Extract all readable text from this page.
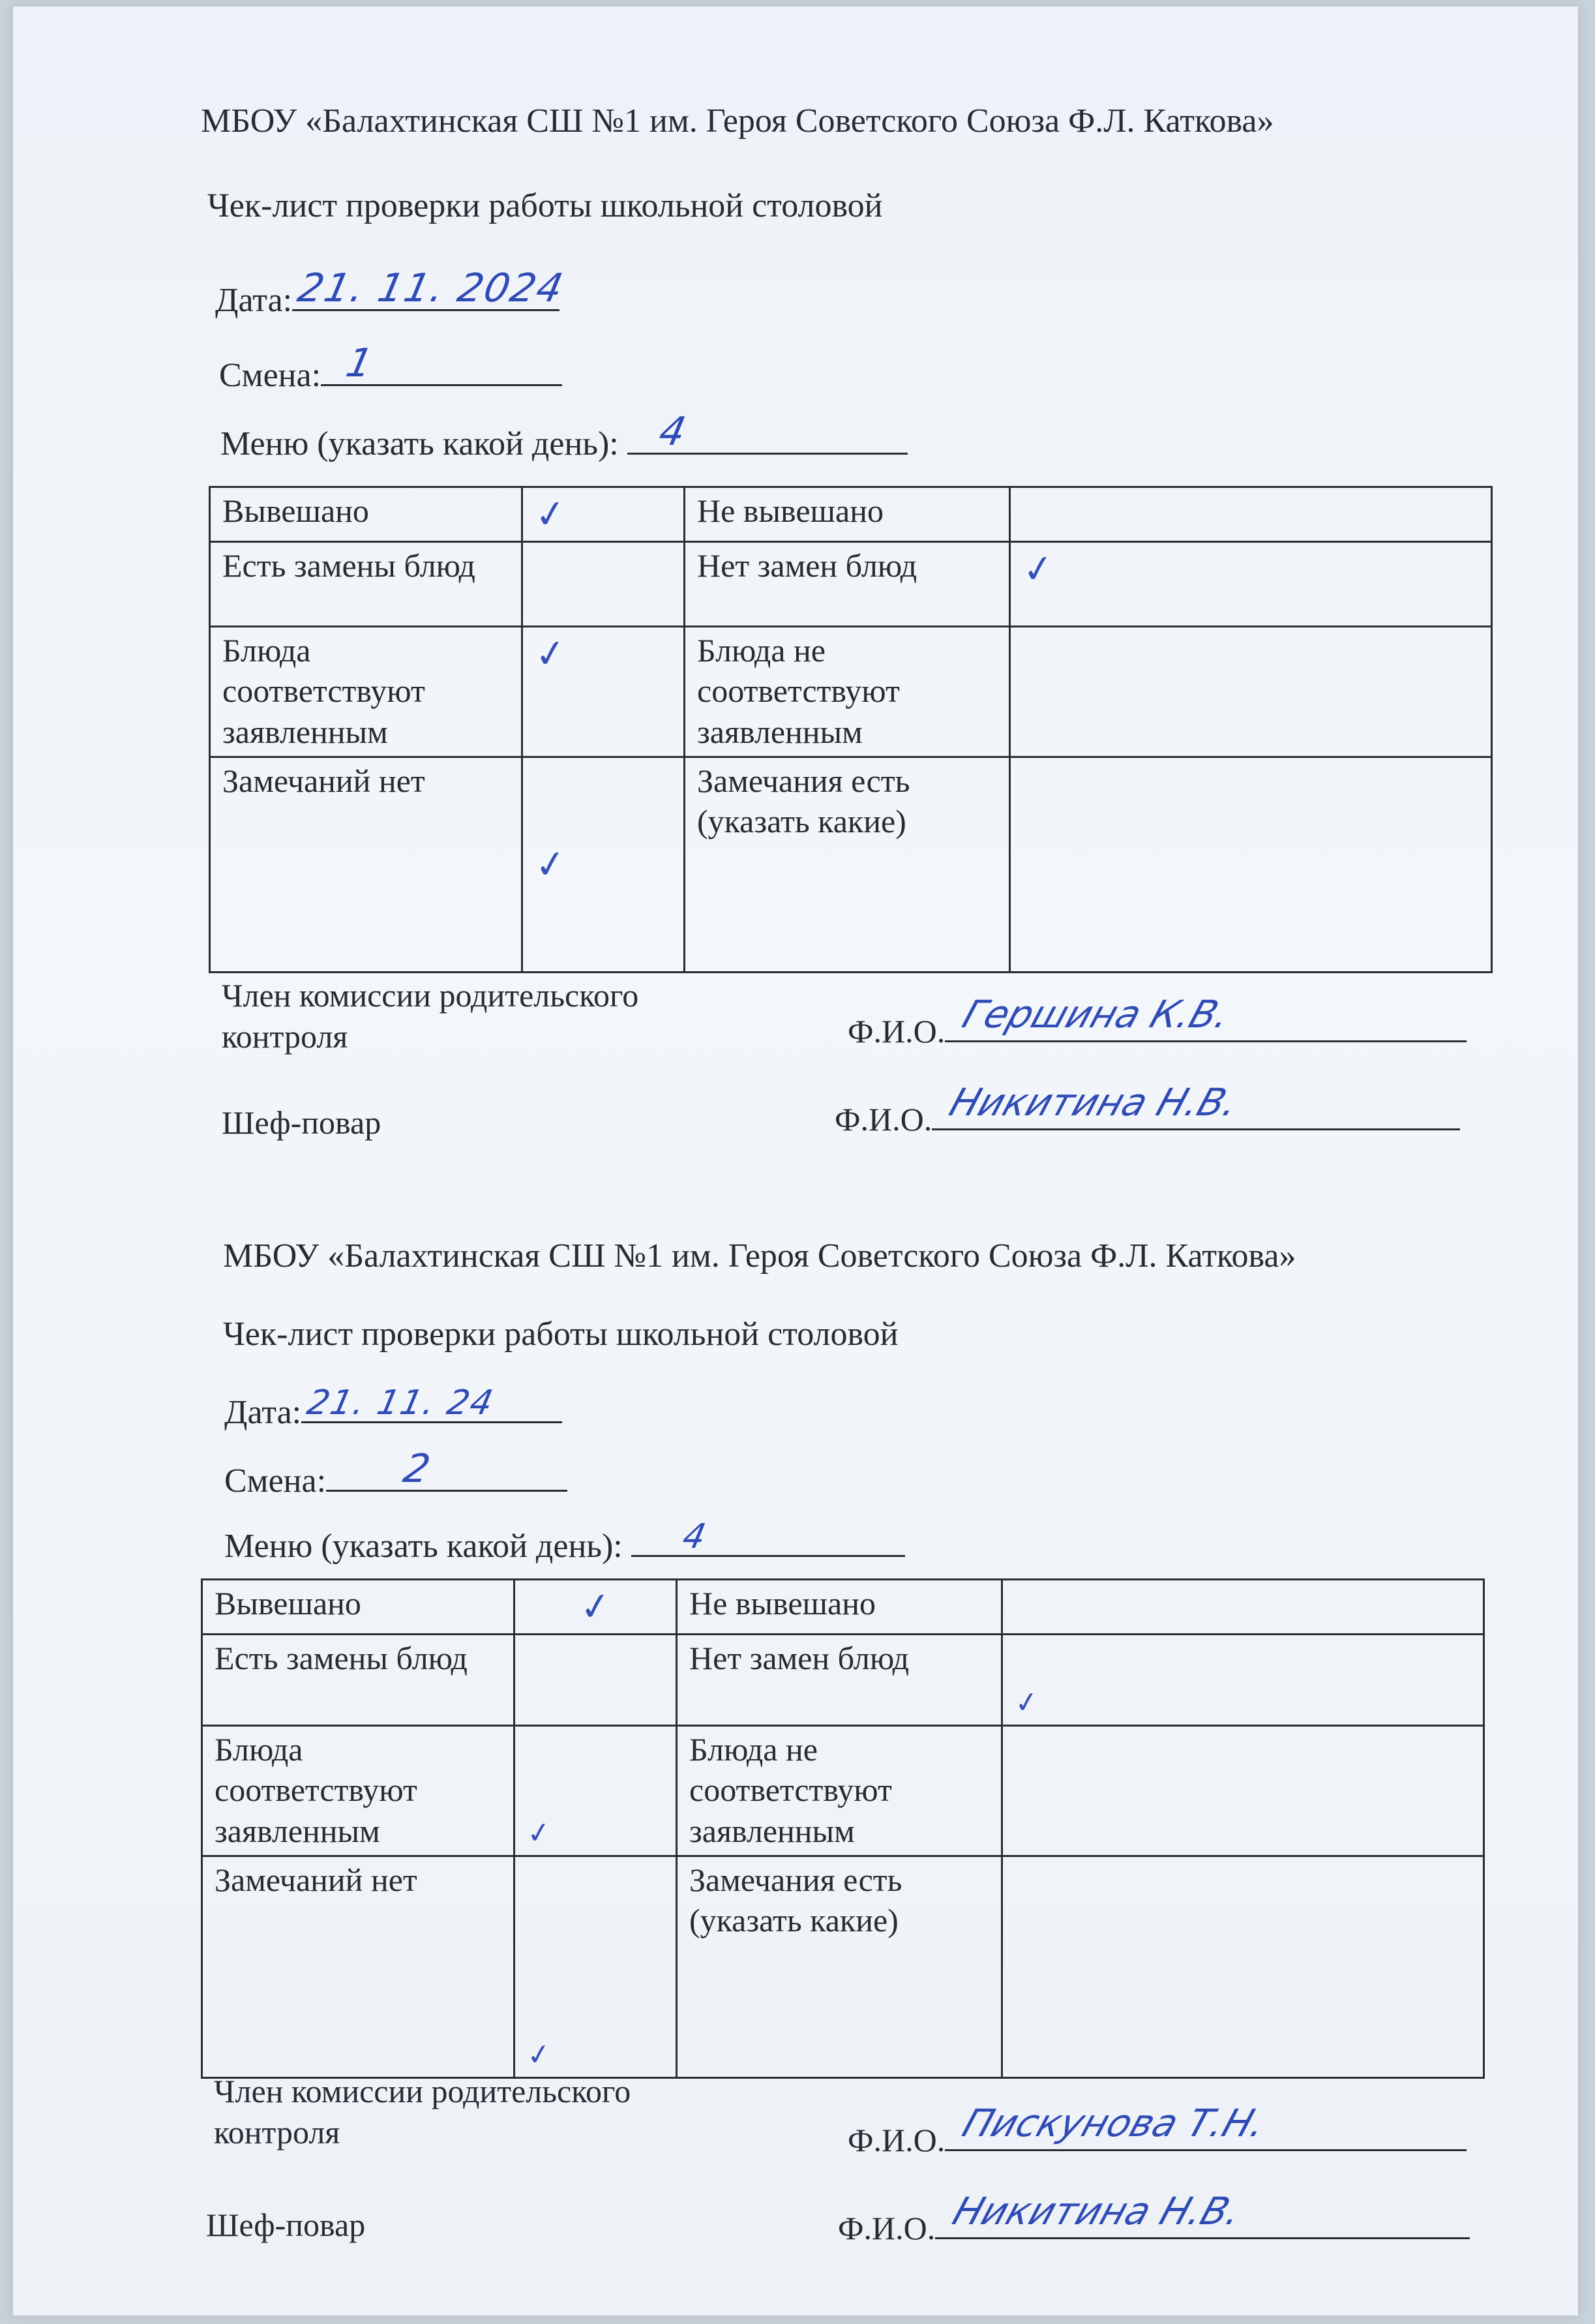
МБОУ «Балахтинская СШ №1 им. Героя Советского Союза Ф.Л. Каткова»
Чек-лист проверки работы школьной столовой
Дата: 21. 11. 2024
Смена: 1
Меню (указать какой день): 4
Вывешано	✓	Не вывешано	
Есть замены блюд		Нет замен блюд	✓
Блюда соответствуют заявленным	✓	Блюда не соответствуют заявленным	
Замечаний нет	✓	Замечания есть (указать какие)	
Член комиссии родительского контроля	Ф.И.О. Гершина К.В.
Шеф-повар	Ф.И.О. Никитина Н.В.
МБОУ «Балахтинская СШ №1 им. Героя Советского Союза Ф.Л. Каткова»
Чек-лист проверки работы школьной столовой
Дата: 21. 11. 24
Смена: 2
Меню (указать какой день): 4
Вывешано	✓	Не вывешано	
Есть замены блюд		Нет замен блюд	✓
Блюда соответствуют заявленным	✓	Блюда не соответствуют заявленным	
Замечаний нет	✓	Замечания есть (указать какие)	
Член комиссии родительского контроля	Ф.И.О. Пискунова Т.Н.
Шеф-повар	Ф.И.О. Никитина Н.В.
